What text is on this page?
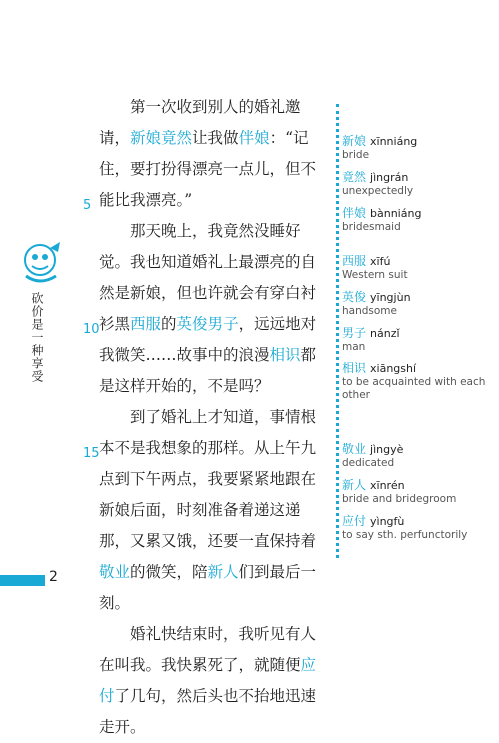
砍价是一种享受
5
10
15

第一次收到别人的婚礼邀请，新娘竟然让我做伴娘：“记住，要打扮得漂亮一点儿，但不能比我漂亮。”

那天晚上，我竟然没睡好觉。我也知道婚礼上最漂亮的自然是新娘，但也许就会有穿白衬衫黑西服的英俊男子，远远地对我微笑……故事中的浪漫相识都是这样开始的，不是吗？

到了婚礼上才知道，事情根本不是我想象的那样。从上午九点到下午两点，我要紧紧地跟在新娘后面，时刻准备着递这递那，又累又饿，还要一直保持着敬业的微笑，陪新人们到最后一刻。

婚礼快结束时，我听见有人在叫我。我快累死了，就随便应付了几句，然后头也不抬地迅速走开。

新娘 xīnniáng
bride
竟然 jìngrán
unexpectedly
伴娘 bànniáng
bridesmaid
西服 xīfú
Western suit
英俊 yīngjùn
handsome
男子 nánzǐ
man
相识 xiāngshí
to be acquainted with each other
敬业 jìngyè
dedicated
新人 xīnrén
bride and bridegroom
应付 yìngfù
to say sth. perfunctorily
2
